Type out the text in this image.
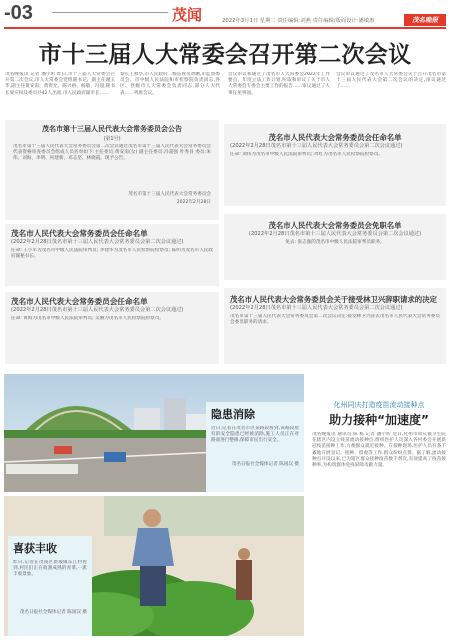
-03	茂闻	2022年3月1日 星期二 责任编辑:刘燕 责任编辑/版面设计:潘敏惠	茂名晚报
市十三届人大常委会召开第二次会议

茂名晚报讯 记者 潘宇昕 昨日,市十三届人大常委会召开第二次会议,市人大常委会党组副书记、副主任谢玉华,副主任黄安南、黄资允、陈兴裕、杨敏、冯超,秘书长梁应权及委员共42人出席,市人民政府副市长……

黎长王燕华,市人民政府二级巡视员黄鹏,市监察委员会、市中级人民法院和市检察院负责同志,各区、县级市人大常委会负责同志,部分人大代表……列席会议。

会议审议和通过了茂名市人大常委会2022年工作要点、年度立法工作计划,听取和审议了关于市人大常委会专委会主要工作的报告……审议通过了人事任免事项。

会议审议通过了茂名市人大常委会关于召开茂名市第十三届人民代表大会第二次会议的决定,审议通过了……

茂名市第十三届人民代表大会常务委员会公告
(第1号)

茂名市第十三届人民代表大会常务委员会第二次会议通过茂名市第十三届人民代表大会常务委员会代表资格审查委员会组成人员名单如下:主任委员:黄安南(女) 副主任委员:冯超强 叶秀良 委员:朱伟、刘海、李明、何建新、邓志坚、林晓霞。现予公告。

茂名市第十三届人民代表大会常务委员会
2022年2月28日
茂名市人民代表大会常务委员会任命名单
(2022年2月28日茂名市第十三届人民代表大会常务委员会第二次会议通过)

任命: 王小军为茂名市中级人民法院审判员; 李建华为茂名市人民检察院检察员; 陈明为茂名市人民政府副秘书长。

茂名市人民代表大会常务委员会任命名单
(2022年2月28日茂名市第十三届人民代表大会常务委员会第二次会议通过)

任命: 黄海为茂名市中级人民法院审判员; 吴丽为茂名市人民检察院检察员。

茂名市人民代表大会常务委员会任命名单
(2022年2月28日茂名市第十三届人民代表大会常务委员会第二次会议通过)

任命: 刘伟为茂名市中级人民法院审判员; 周红为茂名市人民检察院检察员。

茂名市人民代表大会常务委员会免职名单
(2022年2月28日茂名市第十三届人民代表大会常务委员会第二次会议通过)

免去: 张志强的茂名市中级人民法院审判员职务。

茂名市人民代表大会常务委员会关于接受林卫兴辞职请求的决定
(2022年2月28日茂名市第十三届人民代表大会常务委员会第二次会议通过)

茂名市第十三届人民代表大会常务委员会第二次会议决定:接受林卫兴辞去茂名市人民代表大会常务委员会委员职务的请求。

隐患消除

近日,记者在茂名市区某路段看到,该路段原有的安全隐患已经被消除,施工人员正在对路面进行整修,保障市民出行安全。

茂名日报社全媒体记者 陈国汉 摄
喜获丰收

昨日,记者在茂南区新坡镇东江村看到,村民们正在收割成熟的青菜,一派丰收景象。

茂名日报社全媒体记者 陈国汉 摄
化州同庆打造疫苗流动接种点
助力接种“加速度”

茂名晚报讯 通讯员 陈 栋 记者 潘宇昕 近日,化州市同庆镇卫生院在辖区内设立疫苗流动接种点,组织医护人员深入各村委会开展新冠疫苗接种工作,方便群众就近接种。在接种现场,医护人员有条不紊地开展登记、接种、留观等工作,群众纷纷点赞。据了解,流动接种点开设以来,已为辖区群众接种疫苗数千剂次,有效提高了疫苗接种率,为构筑群体免疫屏障贡献力量。
